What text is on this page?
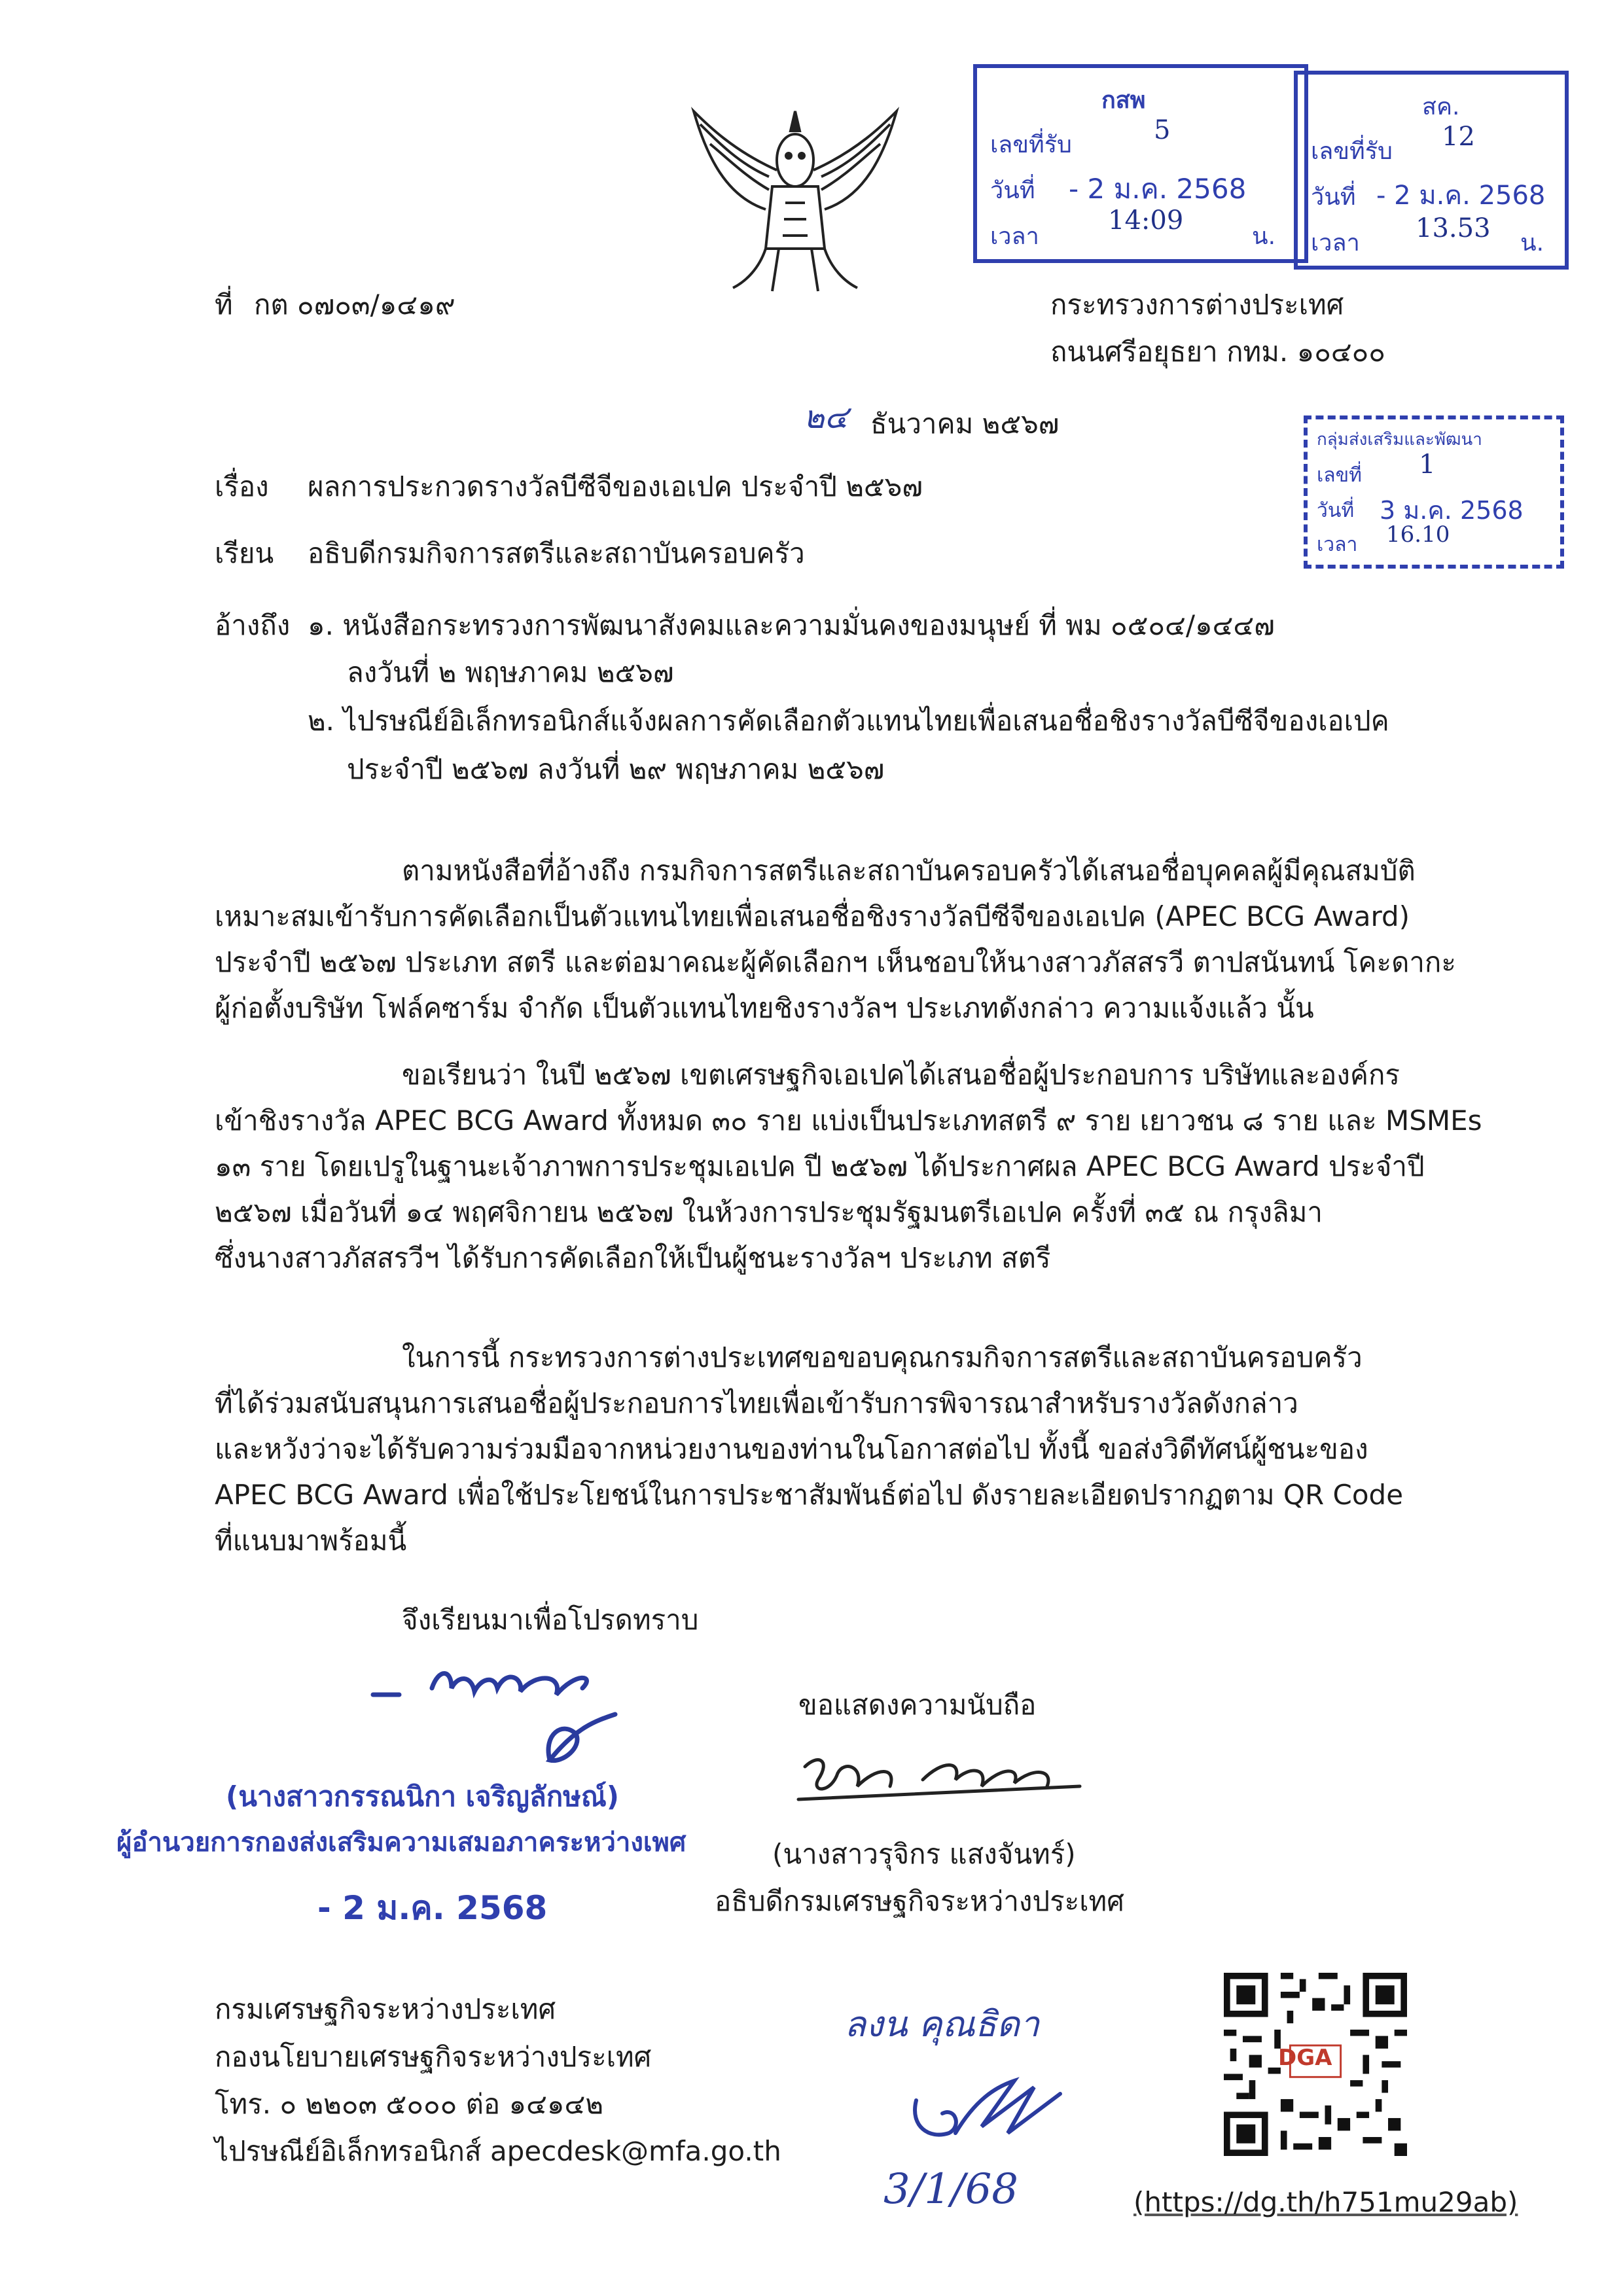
กสพ
เลขที่รับ	5
วันที่ - 2 ม.ค. 2568
เวลา
14:09
น.
สค.
เลขที่รับ 12
วันที่ - 2 ม.ค. 2568
เวลา 13.53 น.
กลุ่มส่งเสริมและพัฒนา
เลขที่ 1
วันที่ 3 ม.ค. 2568
เวลา 16.10
ที่ กต ๐๗๐๓/๑๔๑๙	กระทรวงการต่างประเทศ
ถนนศรีอยุธยา กทม. ๑๐๔๐๐
๒๔ ธันวาคม ๒๕๖๗
เรื่อง ผลการประกวดรางวัลบีซีจีของเอเปค ประจำปี ๒๕๖๗
เรียน อธิบดีกรมกิจการสตรีและสถาบันครอบครัว
อ้างถึง ๑. หนังสือกระทรวงการพัฒนาสังคมและความมั่นคงของมนุษย์ ที่ พม ๐๕๐๔/๑๔๔๗
ลงวันที่ ๒ พฤษภาคม ๒๕๖๗
๒. ไปรษณีย์อิเล็กทรอนิกส์แจ้งผลการคัดเลือกตัวแทนไทยเพื่อเสนอชื่อชิงรางวัลบีซีจีของเอเปค
ประจำปี ๒๕๖๗ ลงวันที่ ๒๙ พฤษภาคม ๒๕๖๗
ตามหนังสือที่อ้างถึง กรมกิจการสตรีและสถาบันครอบครัวได้เสนอชื่อบุคคลผู้มีคุณสมบัติ
เหมาะสมเข้ารับการคัดเลือกเป็นตัวแทนไทยเพื่อเสนอชื่อชิงรางวัลบีซีจีของเอเปค (APEC BCG Award)
ประจำปี ๒๕๖๗ ประเภท สตรี และต่อมาคณะผู้คัดเลือกฯ เห็นชอบให้นางสาวภัสสรวี ตาปสนันทน์ โคะดากะ
ผู้ก่อตั้งบริษัท โฟล์คซาร์ม จำกัด เป็นตัวแทนไทยชิงรางวัลฯ ประเภทดังกล่าว ความแจ้งแล้ว นั้น
ขอเรียนว่า ในปี ๒๕๖๗ เขตเศรษฐกิจเอเปคได้เสนอชื่อผู้ประกอบการ บริษัทและองค์กร
เข้าชิงรางวัล APEC BCG Award ทั้งหมด ๓๐ ราย แบ่งเป็นประเภทสตรี ๙ ราย เยาวชน ๘ ราย และ MSMEs
๑๓ ราย โดยเปรูในฐานะเจ้าภาพการประชุมเอเปค ปี ๒๕๖๗ ได้ประกาศผล APEC BCG Award ประจำปี
๒๕๖๗ เมื่อวันที่ ๑๔ พฤศจิกายน ๒๕๖๗ ในห้วงการประชุมรัฐมนตรีเอเปค ครั้งที่ ๓๕ ณ กรุงลิมา
ซึ่งนางสาวภัสสรวีฯ ได้รับการคัดเลือกให้เป็นผู้ชนะรางวัลฯ ประเภท สตรี
ในการนี้ กระทรวงการต่างประเทศขอขอบคุณกรมกิจการสตรีและสถาบันครอบครัว
ที่ได้ร่วมสนับสนุนการเสนอชื่อผู้ประกอบการไทยเพื่อเข้ารับการพิจารณาสำหรับรางวัลดังกล่าว
และหวังว่าจะได้รับความร่วมมือจากหน่วยงานของท่านในโอกาสต่อไป ทั้งนี้ ขอส่งวิดีทัศน์ผู้ชนะของ
APEC BCG Award เพื่อใช้ประโยชน์ในการประชาสัมพันธ์ต่อไป ดังรายละเอียดปรากฏตาม QR Code
ที่แนบมาพร้อมนี้
จึงเรียนมาเพื่อโปรดทราบ
(นางสาวกรรณนิกา เจริญลักษณ์)
ผู้อำนวยการกองส่งเสริมความเสมอภาคระหว่างเพศ
- 2 ม.ค. 2568
ขอแสดงความนับถือ
(นางสาวรุจิกร แสงจันทร์)
อธิบดีกรมเศรษฐกิจระหว่างประเทศ
กรมเศรษฐกิจระหว่างประเทศ
กองนโยบายเศรษฐกิจระหว่างประเทศ
โทร. ๐ ๒๒๐๓ ๕๐๐๐ ต่อ ๑๔๑๔๒
ไปรษณีย์อิเล็กทรอนิกส์ apecdesk@mfa.go.th
ลงน คุณธิดา
3/1/68
DGA
(https://dg.th/h751mu29ab)
